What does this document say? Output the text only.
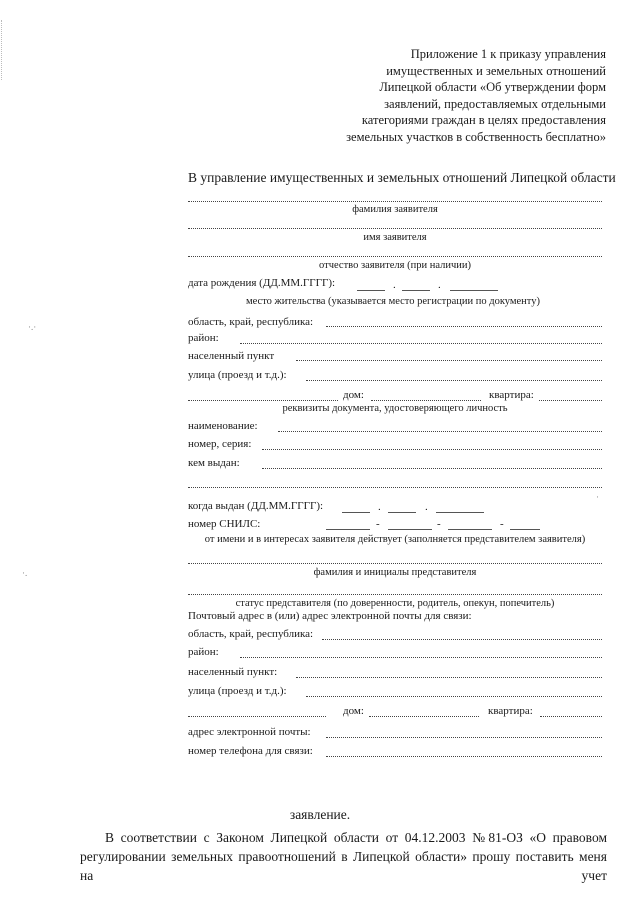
·.·
·.
·
Приложение 1 к приказу управления
имущественных и земельных отношений
Липецкой области «Об утверждении форм
заявлений, предоставляемых отдельными
категориями граждан в целях предоставления
земельных участков в собственность бесплатно»
В управление имущественных и земельных отношений Липецкой области
фамилия заявителя
имя заявителя
отчество заявителя (при наличии)
дата рождения (ДД.ММ.ГГГГ):	.	.
место жительства (указывается место регистрации по документу)
область, край, республика:
район:
населенный пункт
улица (проезд и т.д.):
дом:	квартира:
реквизиты документа, удостоверяющего личность
наименование:
номер, серия:
кем выдан:
когда выдан (ДД.ММ.ГГГГ):	.	.
номер СНИЛС:	-	-	-
от имени и в интересах заявителя действует (заполняется представителем заявителя)
фамилия и инициалы представителя
статус представителя (по доверенности, родитель, опекун, попечитель)
Почтовый адрес в (или) адрес электронной почты для связи:
область, край, республика:
район:
населенный пункт:
улица (проезд и т.д.):
дом:	квартира:
адрес электронной почты:
номер телефона для связи:
заявление.
В соответствии с Законом Липецкой области от 04.12.2003 №81-ОЗ «О правовом
регулировании земельных правоотношений в Липецкой области» прошу поставить меня на учет
